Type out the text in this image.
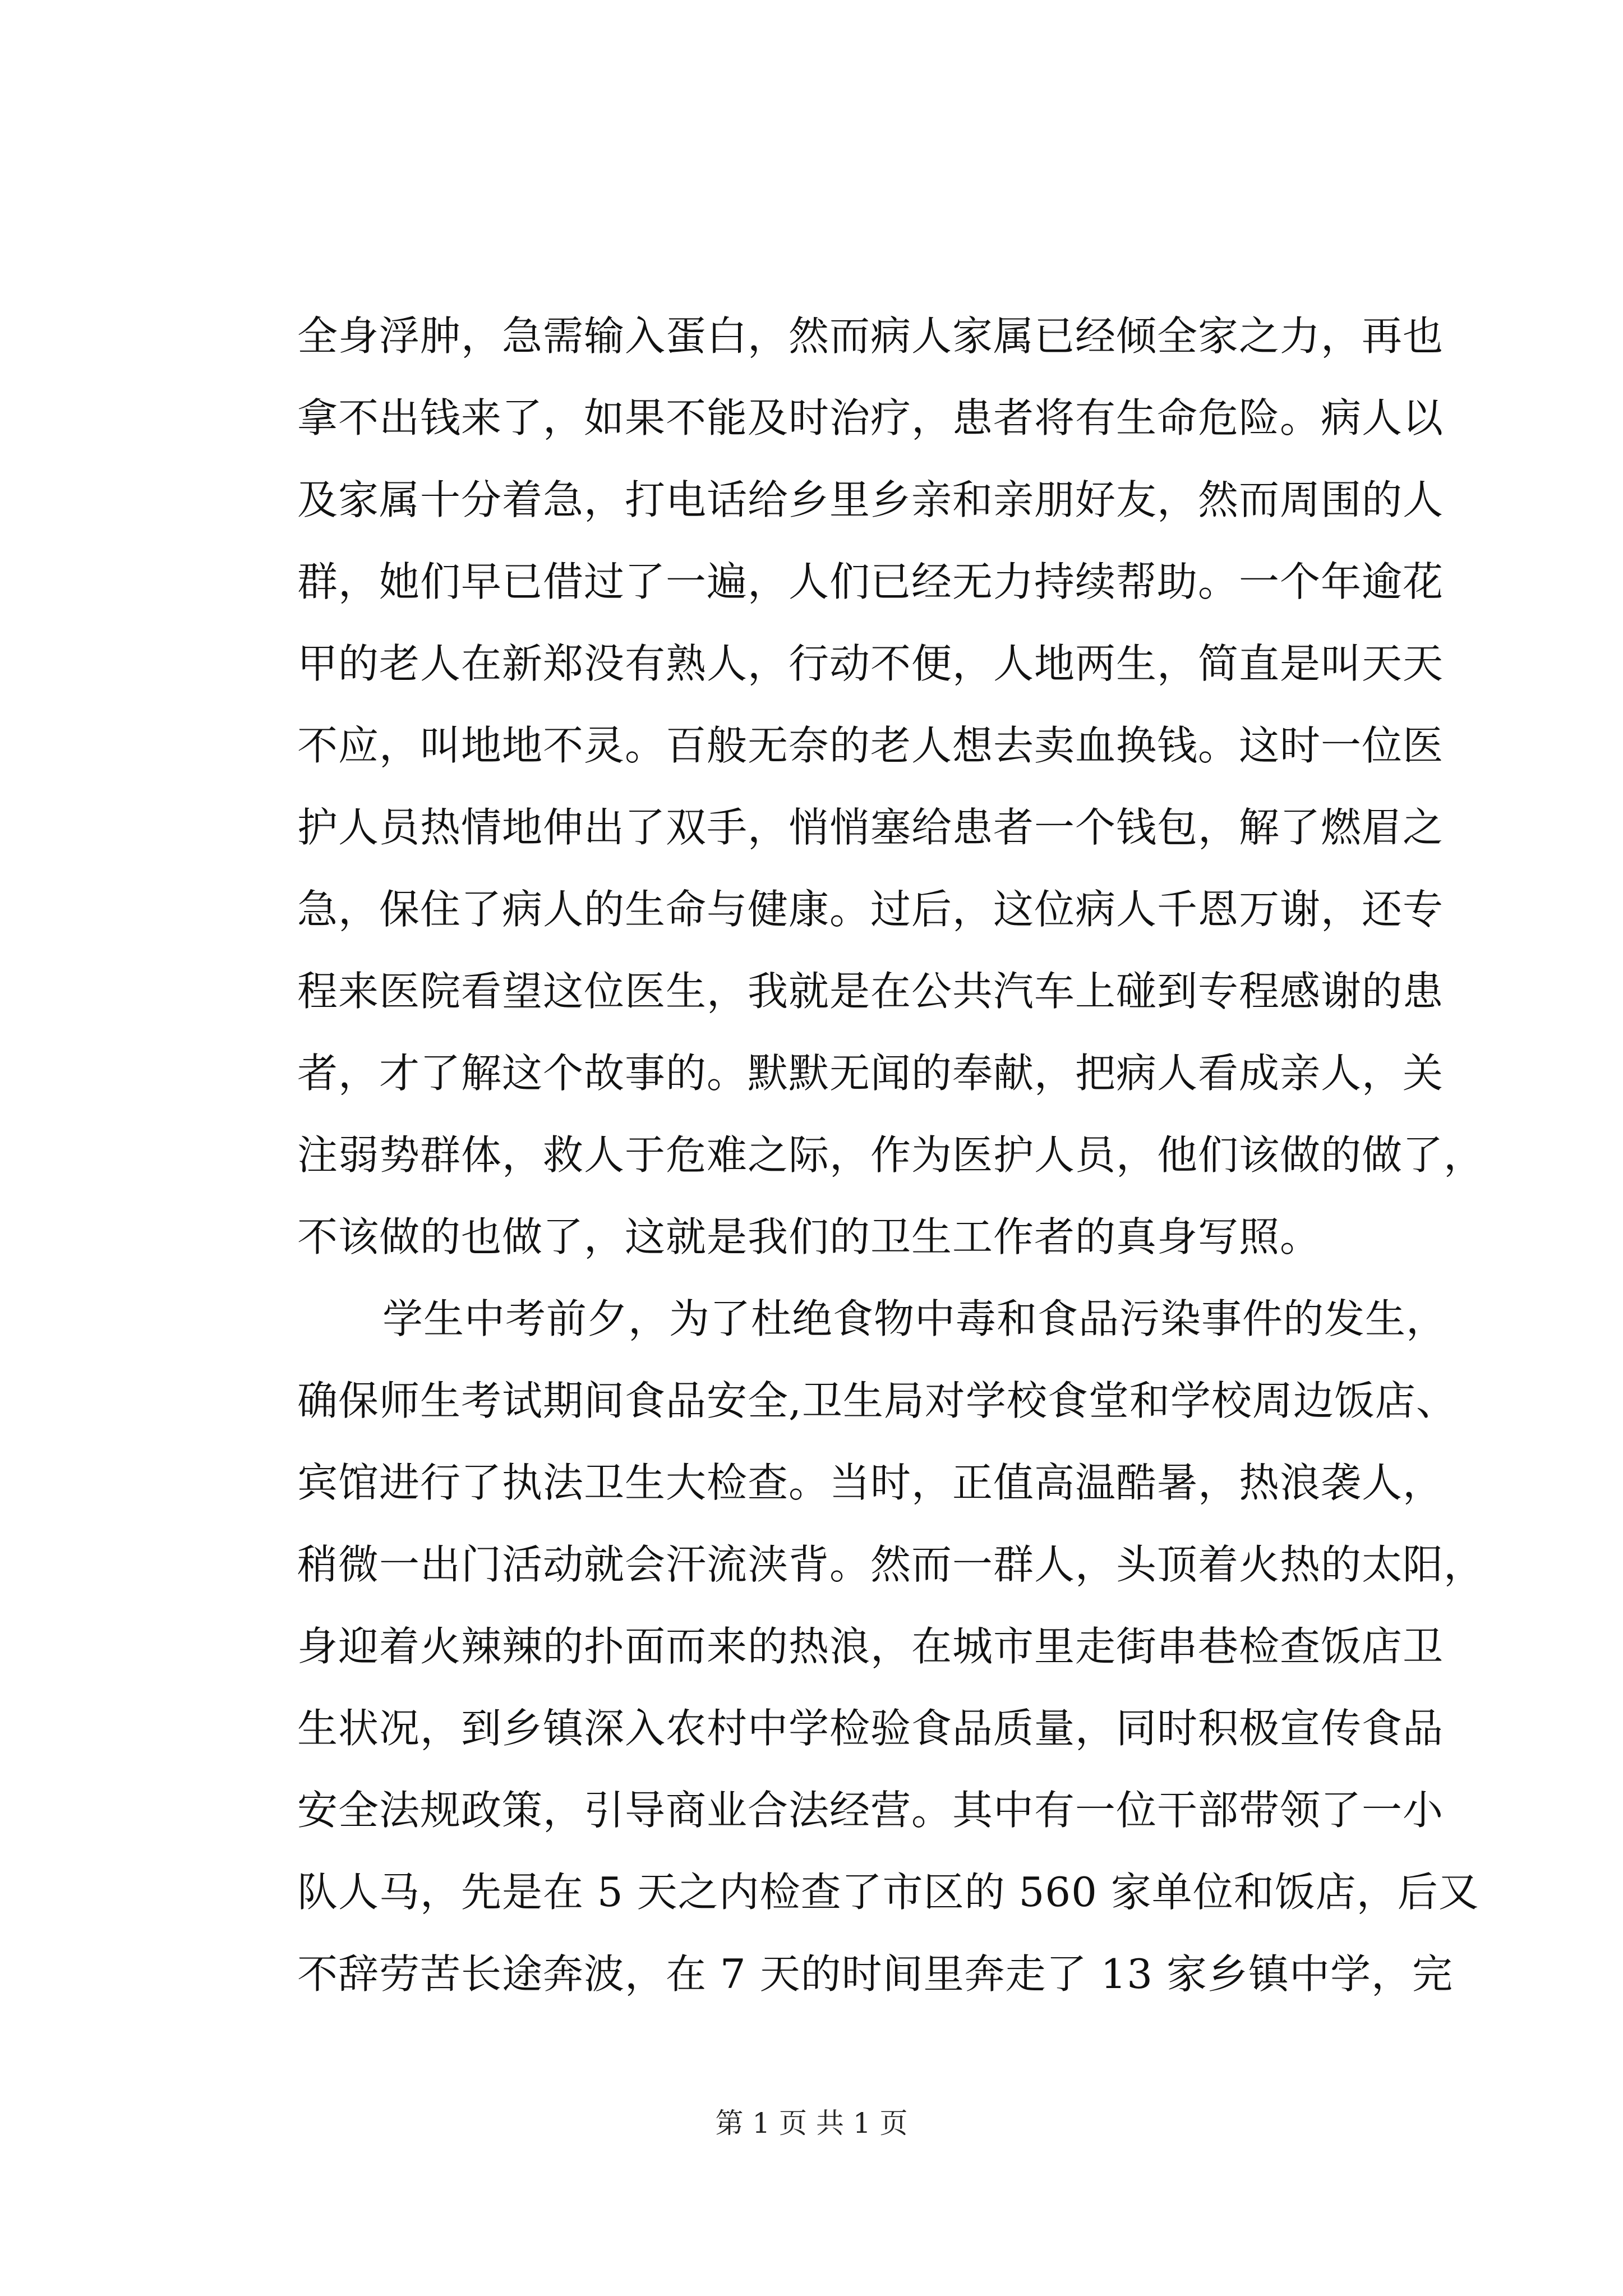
全身浮肿，急需输入蛋白，然而病人家属已经倾全家之力，再也
拿不出钱来了，如果不能及时治疗，患者将有生命危险。病人以
及家属十分着急，打电话给乡里乡亲和亲朋好友，然而周围的人
群，她们早已借过了一遍，人们已经无力持续帮助。一个年逾花
甲的老人在新郑没有熟人，行动不便，人地两生，简直是叫天天
不应，叫地地不灵。百般无奈的老人想去卖血换钱。这时一位医
护人员热情地伸出了双手，悄悄塞给患者一个钱包，解了燃眉之
急，保住了病人的生命与健康。过后，这位病人千恩万谢，还专
程来医院看望这位医生，我就是在公共汽车上碰到专程感谢的患
者，才了解这个故事的。默默无闻的奉献，把病人看成亲人，关
注弱势群体，救人于危难之际，作为医护人员，他们该做的做了，
不该做的也做了，这就是我们的卫生工作者的真身写照。
学生中考前夕，为了杜绝食物中毒和食品污染事件的发生，
确保师生考试期间食品安全,卫生局对学校食堂和学校周边饭店、
宾馆进行了执法卫生大检查。当时，正值高温酷暑，热浪袭人，
稍微一出门活动就会汗流浃背。然而一群人，头顶着火热的太阳，
身迎着火辣辣的扑面而来的热浪，在城市里走街串巷检查饭店卫
生状况，到乡镇深入农村中学检验食品质量，同时积极宣传食品
安全法规政策，引导商业合法经营。其中有一位干部带领了一小
队人马，先是在 5 天之内检查了市区的 560 家单位和饭店，后又
不辞劳苦长途奔波，在 7 天的时间里奔走了 13 家乡镇中学，完
第 1 页 共 1 页
